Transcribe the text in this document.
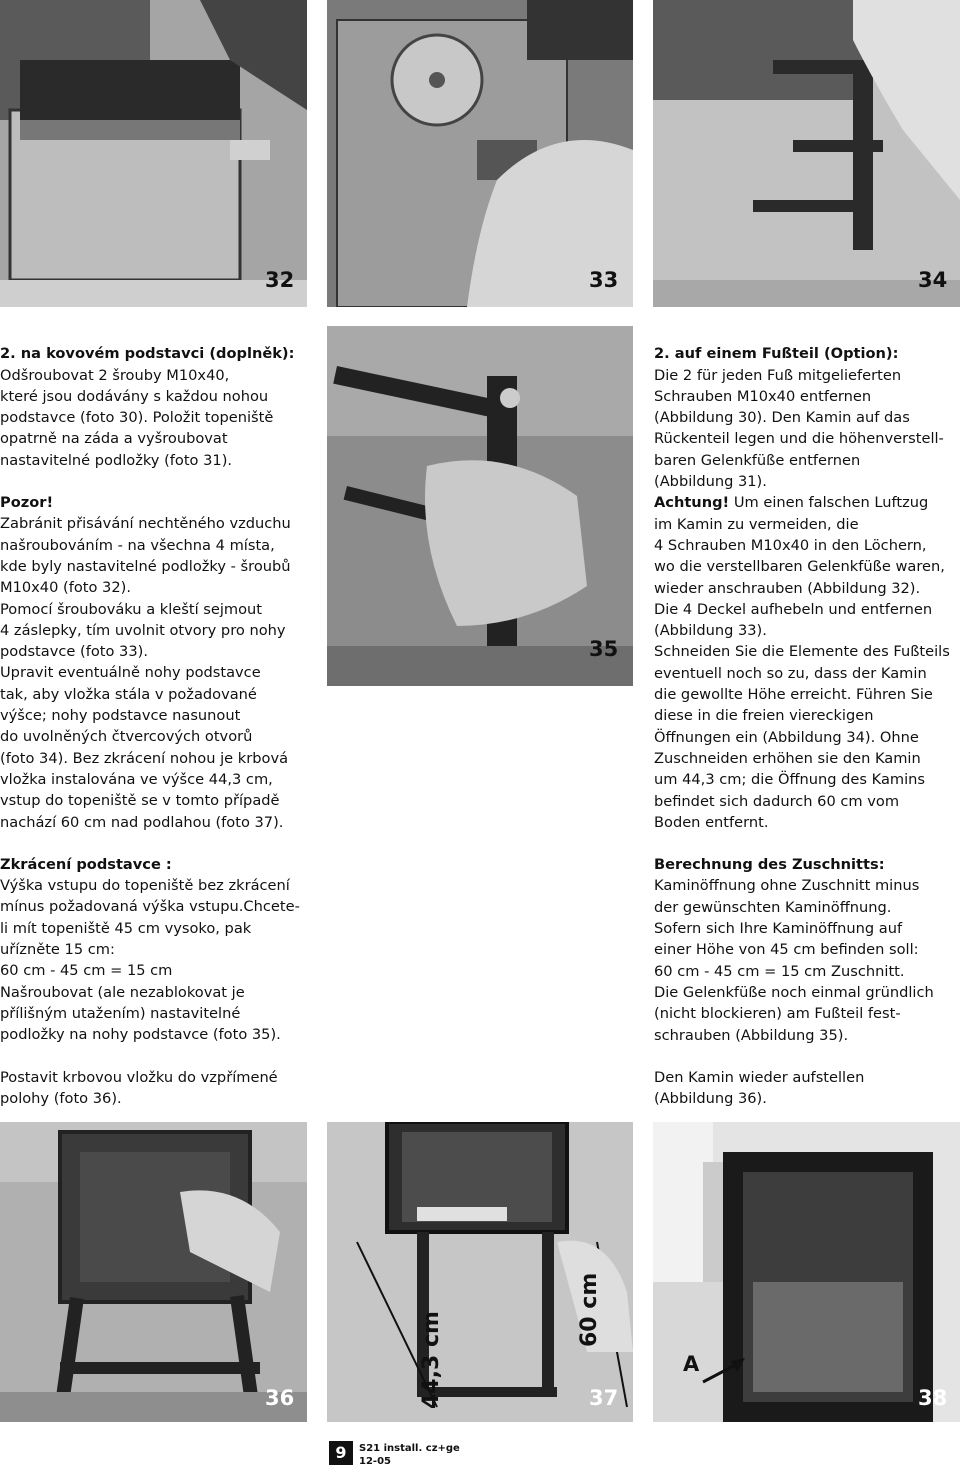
32	33	34
35
36	44,3 cm
60 cm
37
A
38

2. na kovovém podstavci (doplněk):

Odšroubovat 2 šrouby M10x40,
které jsou dodávány s každou nohou
podstavce (foto 30). Položit topeniště
opatrně na záda a vyšroubovat
nastavitelné podložky (foto 31).

Pozor!

Zabránit přisávání nechtěného vzduchu
našroubováním - na všechna 4 místa,
kde byly nastavitelné podložky - šroubů
M10x40 (foto 32).
Pomocí šroubováku a kleští sejmout
4 záslepky, tím uvolnit otvory pro nohy
podstavce (foto 33).
Upravit eventuálně nohy podstavce
tak, aby vložka stála v požadované
výšce; nohy podstavce nasunout
do uvolněných čtvercových otvorů
(foto 34). Bez zkrácení nohou je krbová
vložka instalována ve výšce 44,3 cm,
vstup do topeniště se v tomto případě
nachází 60 cm nad podlahou (foto 37).

Zkrácení podstavce :

Výška vstupu do topeniště bez zkrácení
mínus požadovaná výška vstupu.Chcete-
li mít topeniště 45 cm vysoko, pak
uřízněte 15 cm:
60 cm - 45 cm = 15 cm
Našroubovat (ale nezablokovat je
přílišným utažením) nastavitelné
podložky na nohy podstavce (foto 35).

Postavit krbovou vložku do vzpřímené
polohy (foto 36).

2. auf einem Fußteil (Option):

Die 2 für jeden Fuß mitgelieferten
Schrauben M10x40 entfernen
(Abbildung 30). Den Kamin auf das
Rückenteil legen und die höhenverstell-
baren Gelenkfüße entfernen
(Abbildung 31).

Achtung! Um einen falschen Luftzug

im Kamin zu vermeiden, die
4 Schrauben M10x40 in den Löchern,
wo die verstellbaren Gelenkfüße waren,
wieder anschrauben (Abbildung 32).
Die 4 Deckel aufhebeln und entfernen
(Abbildung 33).
Schneiden Sie die Elemente des Fußteils
eventuell noch so zu, dass der Kamin
die gewollte Höhe erreicht. Führen Sie
diese in die freien viereckigen
Öffnungen ein (Abbildung 34). Ohne
Zuschneiden erhöhen sie den Kamin
um 44,3 cm; die Öffnung des Kamins
befindet sich dadurch 60 cm vom
Boden entfernt.

Berechnung des Zuschnitts:

Kaminöffnung ohne Zuschnitt minus
der gewünschten Kaminöffnung.
Sofern sich Ihre Kaminöffnung auf
einer Höhe von 45 cm befinden soll:
60 cm - 45 cm = 15 cm Zuschnitt.
Die Gelenkfüße noch einmal gründlich
(nicht blockieren) am Fußteil fest-
schrauben (Abbildung 35).

Den Kamin wieder aufstellen
(Abbildung 36).

9	S21 install. cz+ge
12-05
